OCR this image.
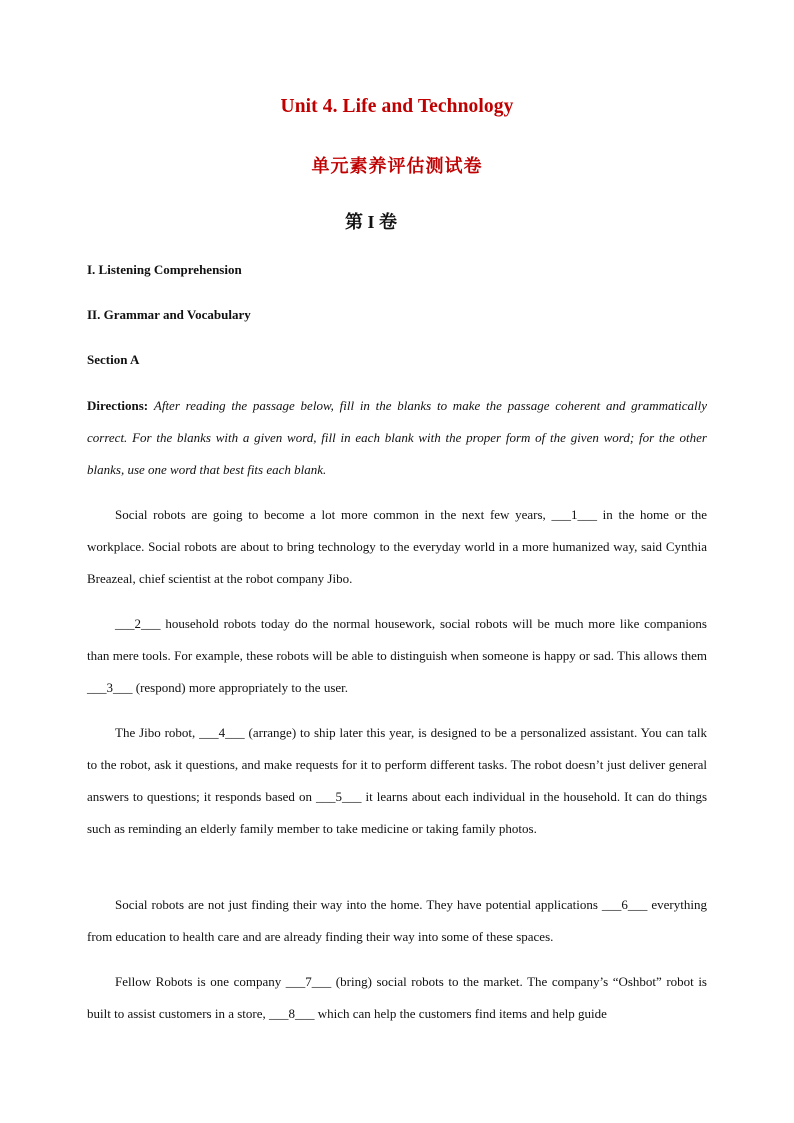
Unit 4. Life and Technology
单元素养评估测试卷
第 I 卷
I. Listening Comprehension
II. Grammar and Vocabulary
Section A
Directions: After reading the passage below, fill in the blanks to make the passage coherent and grammatically correct. For the blanks with a given word, fill in each blank with the proper form of the given word; for the other blanks, use one word that best fits each blank.
Social robots are going to become a lot more common in the next few years, ___1___ in the home or the workplace. Social robots are about to bring technology to the everyday world in a more humanized way, said Cynthia Breazeal, chief scientist at the robot company Jibo.
___2___ household robots today do the normal housework, social robots will be much more like companions than mere tools. For example, these robots will be able to distinguish when someone is happy or sad. This allows them ___3___ (respond) more appropriately to the user.
The Jibo robot, ___4___ (arrange) to ship later this year, is designed to be a personalized assistant. You can talk to the robot, ask it questions, and make requests for it to perform different tasks. The robot doesn’t just deliver general answers to questions; it responds based on ___5___ it learns about each individual in the household. It can do things such as reminding an elderly family member to take medicine or taking family photos.
Social robots are not just finding their way into the home. They have potential applications ___6___ everything from education to health care and are already finding their way into some of these spaces.
Fellow Robots is one company ___7___ (bring) social robots to the market. The company’s “Oshbot” robot is built to assist customers in a store, ___8___ which can help the customers find items and help guide
